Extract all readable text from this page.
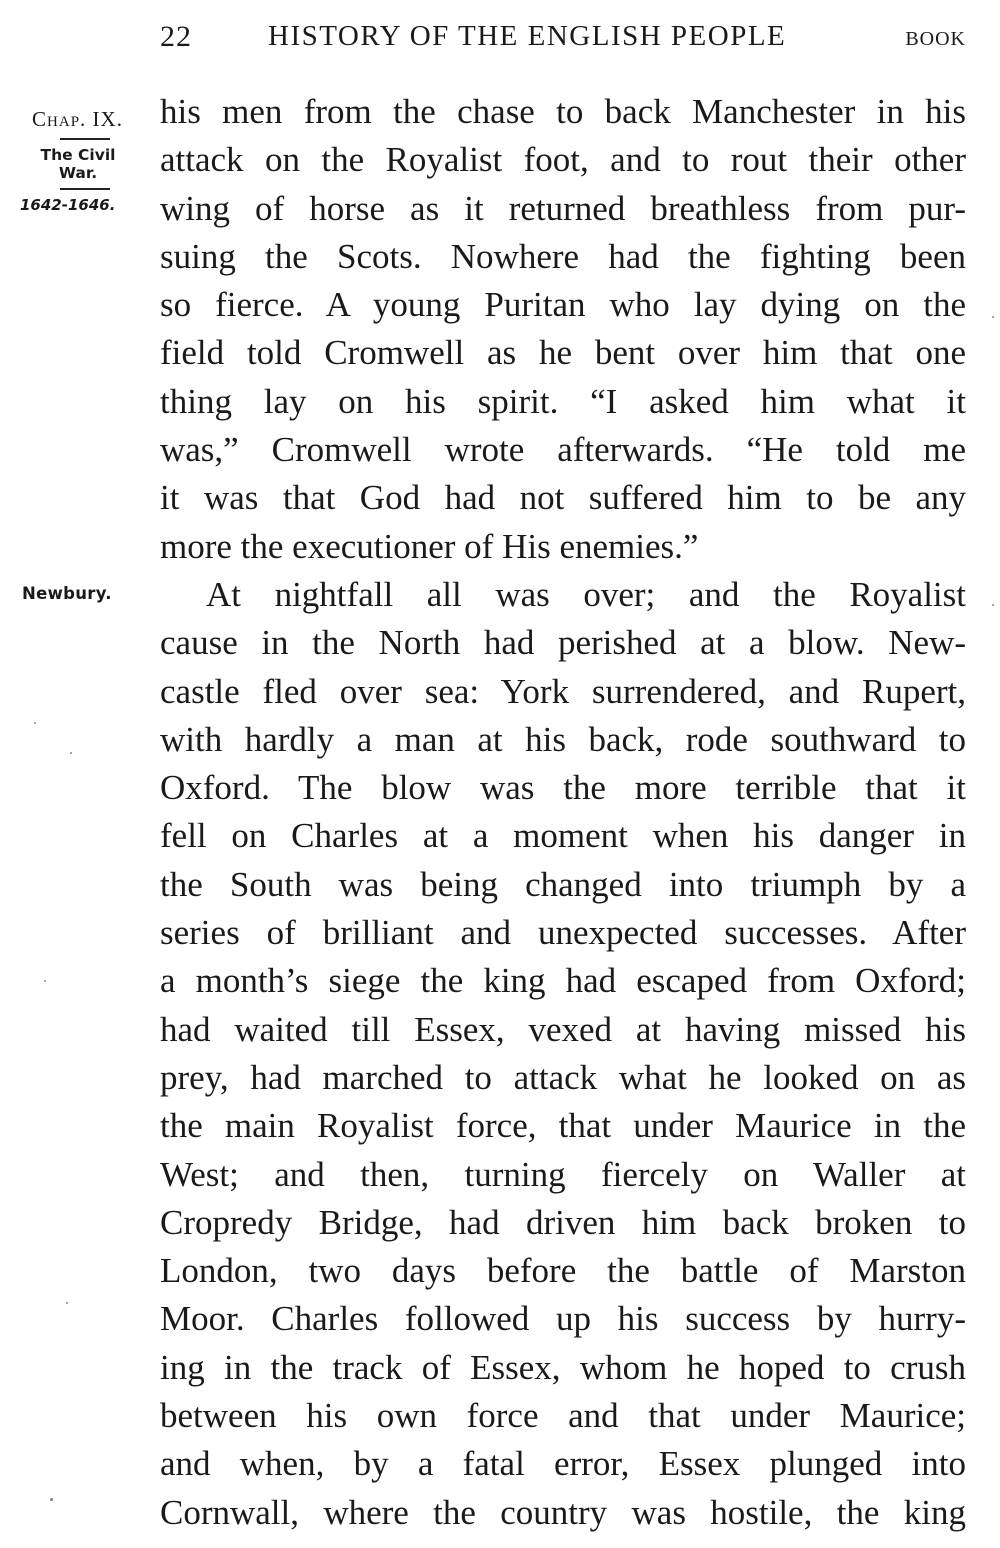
22	HISTORY OF THE ENGLISH PEOPLE	BOOK
Chap. IX.
The Civil War.
1642-1646.
Newbury.
his men from the chase to back Manchester in his
attack on the Royalist foot, and to rout their other
wing of horse as it returned breathless from pur-
suing the Scots. Nowhere had the fighting been
so fierce. A young Puritan who lay dying on the
field told Cromwell as he bent over him that one
thing lay on his spirit. “I asked him what it
was,” Cromwell wrote afterwards. “He told me
it was that God had not suffered him to be any
more the executioner of His enemies.”
At nightfall all was over; and the Royalist
cause in the North had perished at a blow. New-
castle fled over sea: York surrendered, and Rupert,
with hardly a man at his back, rode southward to
Oxford. The blow was the more terrible that it
fell on Charles at a moment when his danger in
the South was being changed into triumph by a
series of brilliant and unexpected successes. After
a month’s siege the king had escaped from Oxford;
had waited till Essex, vexed at having missed his
prey, had marched to attack what he looked on as
the main Royalist force, that under Maurice in the
West; and then, turning fiercely on Waller at
Cropredy Bridge, had driven him back broken to
London, two days before the battle of Marston
Moor. Charles followed up his success by hurry-
ing in the track of Essex, whom he hoped to crush
between his own force and that under Maurice;
and when, by a fatal error, Essex plunged into
Cornwall, where the country was hostile, the king
